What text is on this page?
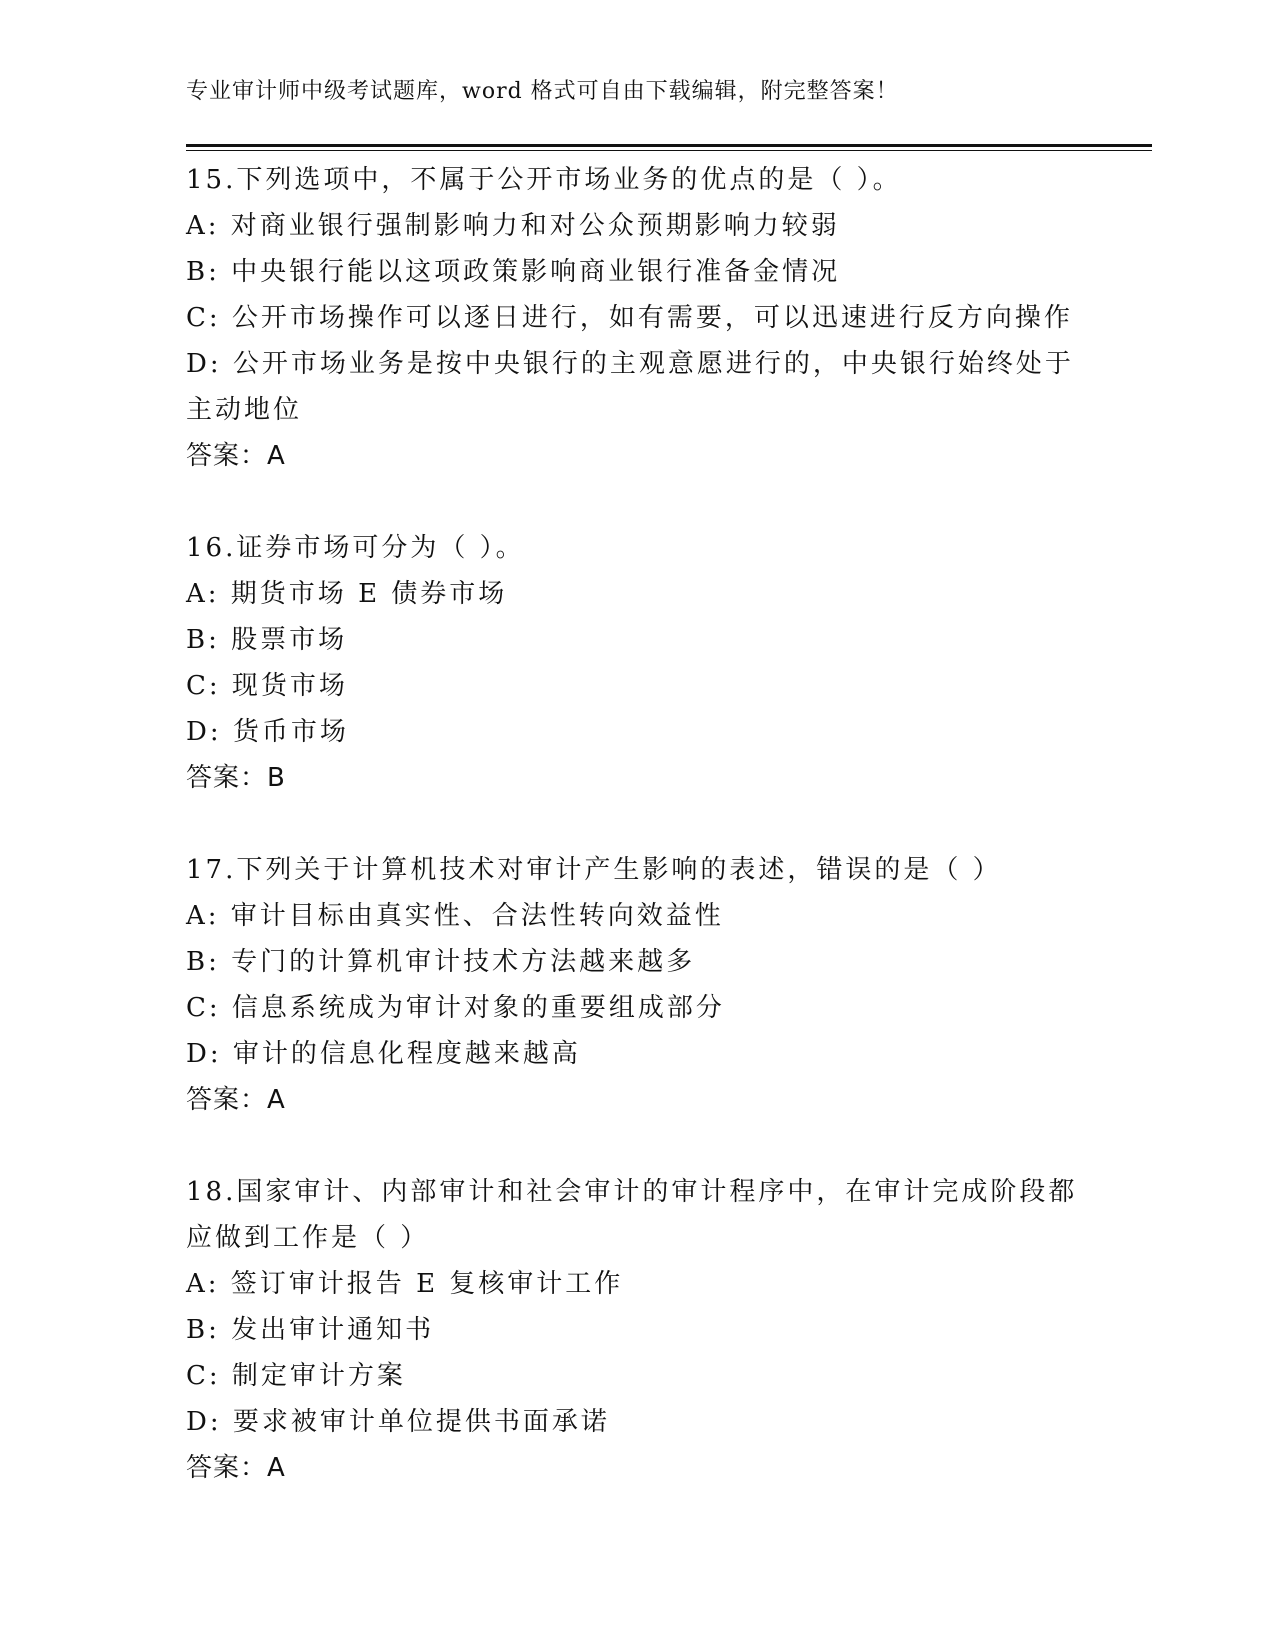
专业审计师中级考试题库，word 格式可自由下载编辑，附完整答案！
15.下列选项中，不属于公开市场业务的优点的是（ ）。
A: 对商业银行强制影响力和对公众预期影响力较弱
B: 中央银行能以这项政策影响商业银行准备金情况
C: 公开市场操作可以逐日进行，如有需要，可以迅速进行反方向操作
D: 公开市场业务是按中央银行的主观意愿进行的，中央银行始终处于主动地位
答案：A
16.证券市场可分为（ ）。
A: 期货市场 E 债券市场
B: 股票市场
C: 现货市场
D: 货币市场
答案：B
17.下列关于计算机技术对审计产生影响的表述，错误的是（ ）
A: 审计目标由真实性、合法性转向效益性
B: 专门的计算机审计技术方法越来越多
C: 信息系统成为审计对象的重要组成部分
D: 审计的信息化程度越来越高
答案：A
18.国家审计、内部审计和社会审计的审计程序中，在审计完成阶段都应做到工作是（ ）
A: 签订审计报告 E 复核审计工作
B: 发出审计通知书
C: 制定审计方案
D: 要求被审计单位提供书面承诺
答案：A
